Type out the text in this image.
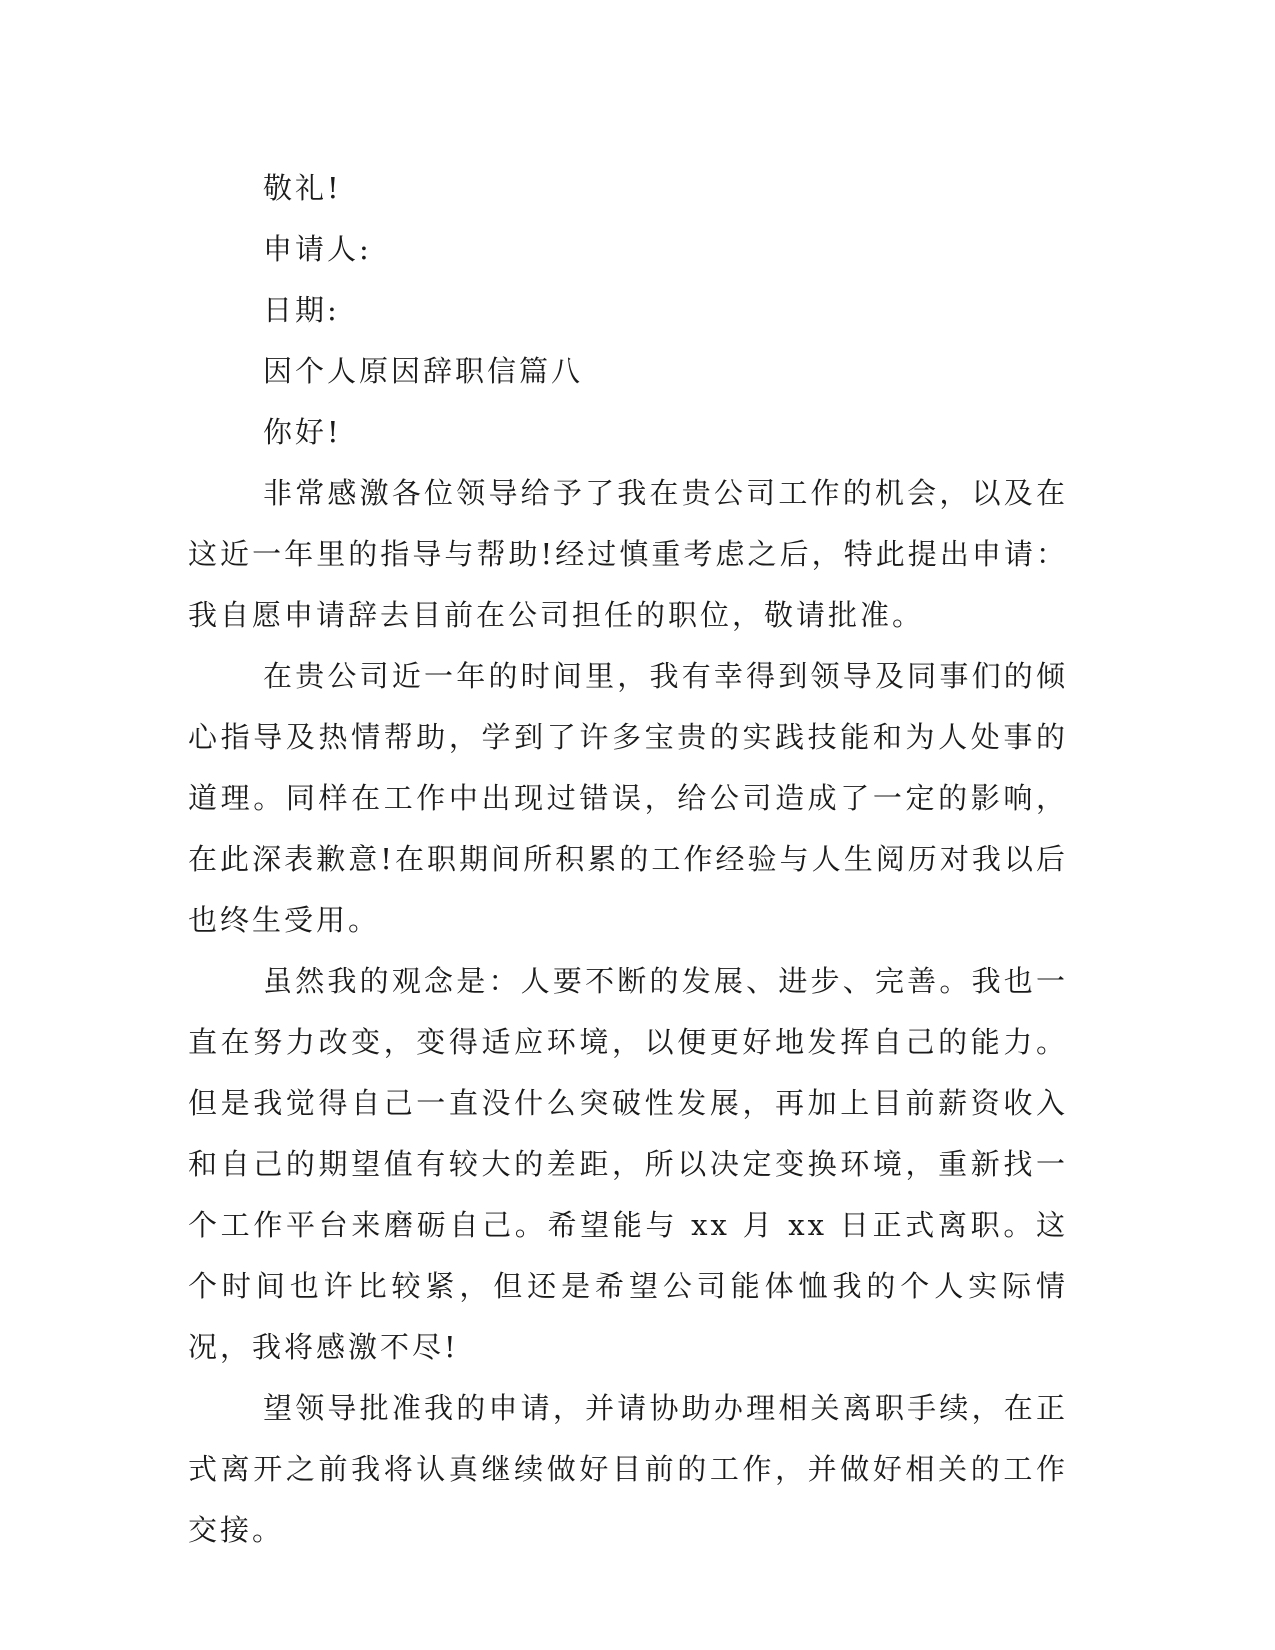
敬礼!

申请人:

日期:

因个人原因辞职信篇八

你好!

非常感激各位领导给予了我在贵公司工作的机会，以及在这近一年里的指导与帮助!经过慎重考虑之后，特此提出申请：我自愿申请辞去目前在公司担任的职位，敬请批准。

在贵公司近一年的时间里，我有幸得到领导及同事们的倾心指导及热情帮助，学到了许多宝贵的实践技能和为人处事的道理。同样在工作中出现过错误，给公司造成了一定的影响，在此深表歉意!在职期间所积累的工作经验与人生阅历对我以后也终生受用。

虽然我的观念是：人要不断的发展、进步、完善。我也一直在努力改变，变得适应环境，以便更好地发挥自己的能力。但是我觉得自己一直没什么突破性发展，再加上目前薪资收入和自己的期望值有较大的差距，所以决定变换环境，重新找一个工作平台来磨砺自己。希望能与 xx 月 xx 日正式离职。这个时间也许比较紧，但还是希望公司能体恤我的个人实际情况，我将感激不尽!

望领导批准我的申请，并请协助办理相关离职手续，在正式离开之前我将认真继续做好目前的工作，并做好相关的工作交接。
